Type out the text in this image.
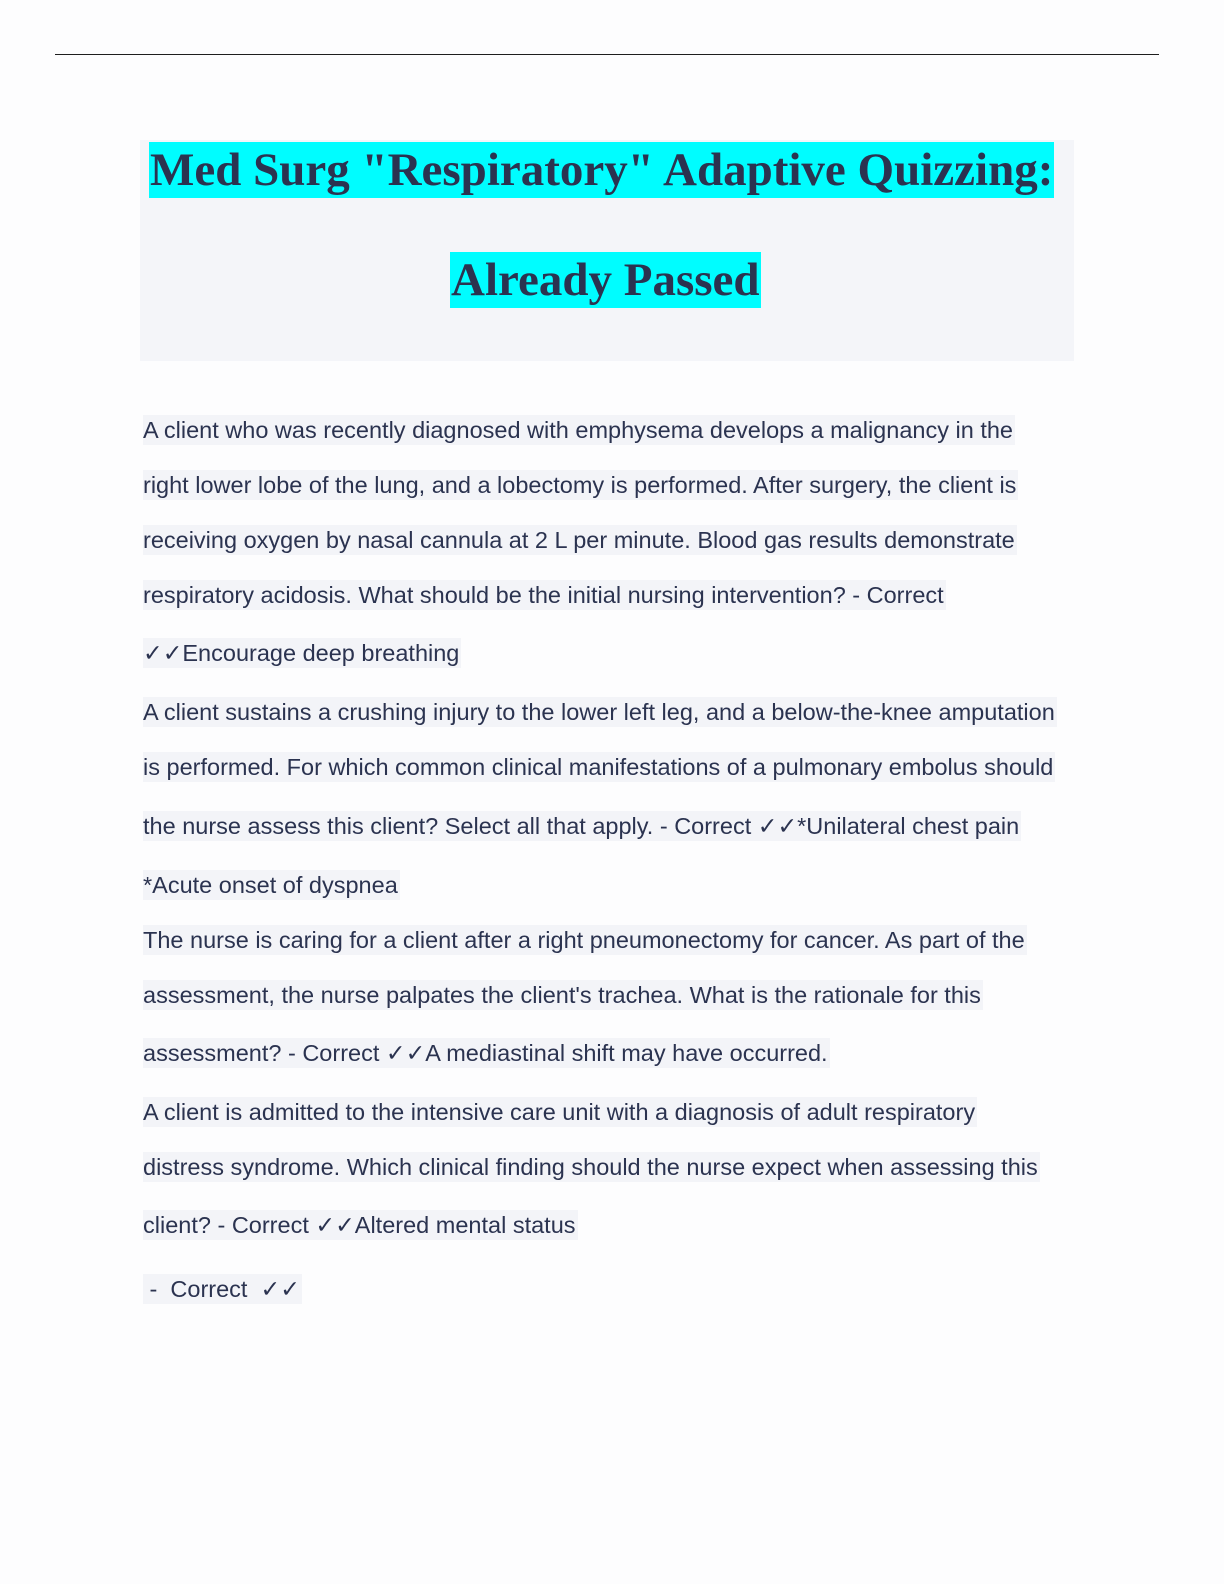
Med Surg "Respiratory" Adaptive Quizzing:
Already Passed
A client who was recently diagnosed with emphysema develops a malignancy in the
right lower lobe of the lung, and a lobectomy is performed. After surgery, the client is
receiving oxygen by nasal cannula at 2 L per minute. Blood gas results demonstrate
respiratory acidosis. What should be the initial nursing intervention? - Correct
✓✓Encourage deep breathing
A client sustains a crushing injury to the lower left leg, and a below-the-knee amputation
is performed. For which common clinical manifestations of a pulmonary embolus should
the nurse assess this client? Select all that apply. - Correct ✓✓*Unilateral chest pain
*Acute onset of dyspnea
The nurse is caring for a client after a right pneumonectomy for cancer. As part of the
assessment, the nurse palpates the client's trachea. What is the rationale for this
assessment? - Correct ✓✓A mediastinal shift may have occurred.
A client is admitted to the intensive care unit with a diagnosis of adult respiratory
distress syndrome. Which clinical finding should the nurse expect when assessing this
client? - Correct ✓✓Altered mental status
-  Correct  ✓✓
